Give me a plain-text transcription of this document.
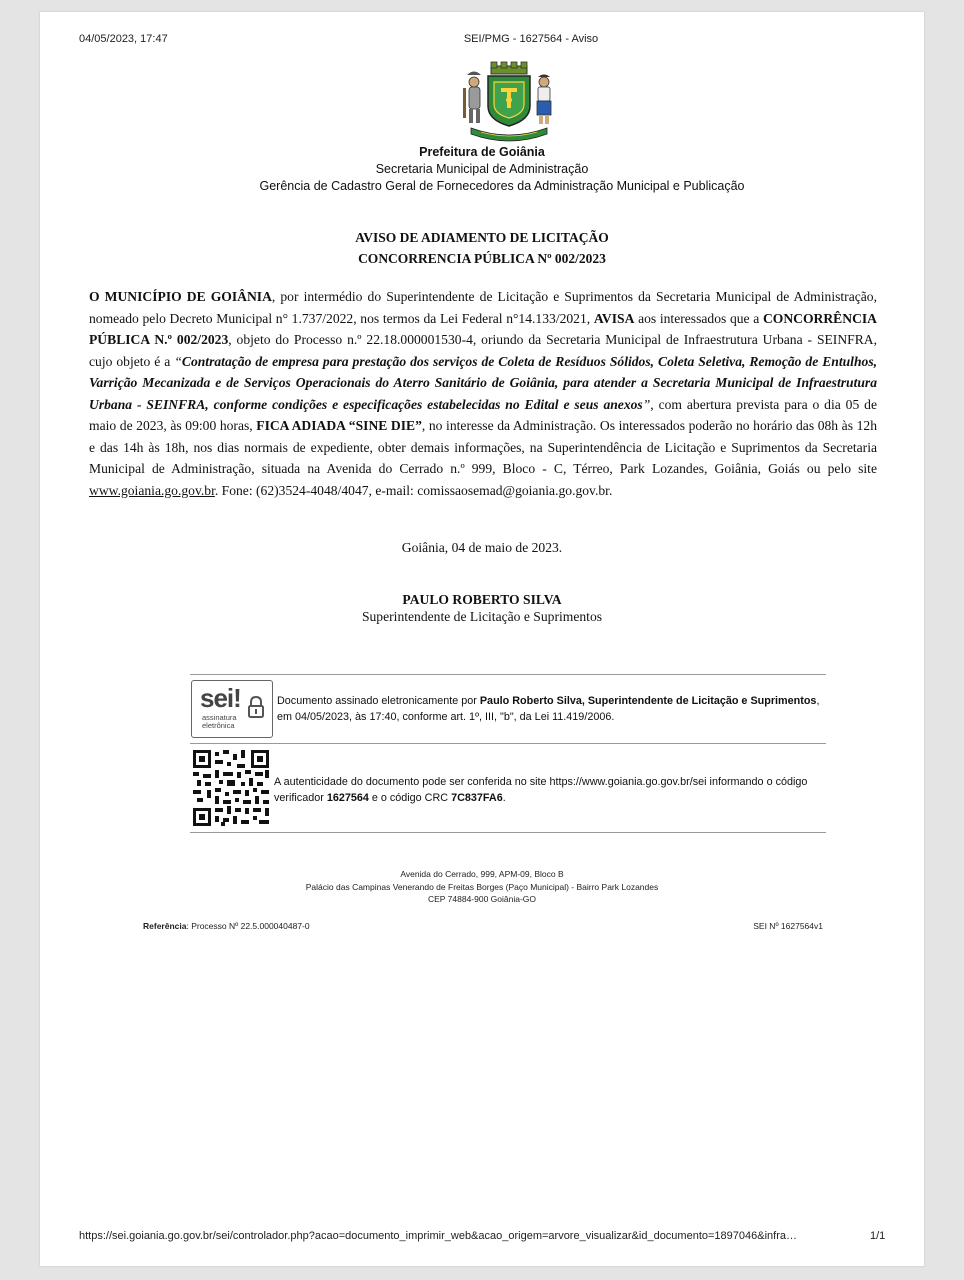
04/05/2023, 17:47	SEI/PMG - 1627564 - Aviso
Prefeitura de Goiânia
Secretaria Municipal de Administração
Gerência de Cadastro Geral de Fornecedores da Administração Municipal e Publicação
AVISO DE ADIAMENTO DE LICITAÇÃO
CONCORRENCIA PÚBLICA Nº 002/2023
O MUNICÍPIO DE GOIÂNIA, por intermédio do Superintendente de Licitação e Suprimentos da Secretaria Municipal de Administração, nomeado pelo Decreto Municipal n° 1.737/2022, nos termos da Lei Federal n°14.133/2021, AVISA aos interessados que a CONCORRÊNCIA PÚBLICA N.º 002/2023, objeto do Processo n.º 22.18.000001530-4, oriundo da Secretaria Municipal de Infraestrutura Urbana - SEINFRA, cujo objeto é a “Contratação de empresa para prestação dos serviços de Coleta de Resíduos Sólidos, Coleta Seletiva, Remoção de Entulhos, Varrição Mecanizada e de Serviços Operacionais do Aterro Sanitário de Goiânia, para atender a Secretaria Municipal de Infraestrutura Urbana - SEINFRA, conforme condições e especificações estabelecidas no Edital e seus anexos”, com abertura prevista para o dia 05 de maio de 2023, às 09:00 horas, FICA ADIADA “SINE DIE”, no interesse da Administração. Os interessados poderão no horário das 08h às 12h e das 14h às 18h, nos dias normais de expediente, obter demais informações, na Superintendência de Licitação e Suprimentos da Secretaria Municipal de Administração, situada na Avenida do Cerrado n.º 999, Bloco - C, Térreo, Park Lozandes, Goiânia, Goiás ou pelo site www.goiania.go.gov.br. Fone: (62)3524-4048/4047, e-mail: comissaosemad@goiania.go.gov.br.
Goiânia, 04 de maio de 2023.
PAULO ROBERTO SILVA
Superintendente de Licitação e Suprimentos
sei!
assinatura
eletrônica
Documento assinado eletronicamente por Paulo Roberto Silva, Superintendente de Licitação e Suprimentos, em 04/05/2023, às 17:40, conforme art. 1º, III, "b", da Lei 11.419/2006.
A autenticidade do documento pode ser conferida no site https://www.goiania.go.gov.br/sei informando o código verificador 1627564 e o código CRC 7C837FA6.
Avenida do Cerrado, 999, APM-09, Bloco B
Palácio das Campinas Venerando de Freitas Borges (Paço Municipal) - Bairro Park Lozandes
CEP 74884-900 Goiânia-GO
Referência: Processo Nº 22.5.000040487-0	SEI Nº 1627564v1
https://sei.goiania.go.gov.br/sei/controlador.php?acao=documento_imprimir_web&acao_origem=arvore_visualizar&id_documento=1897046&infra…	1/1
